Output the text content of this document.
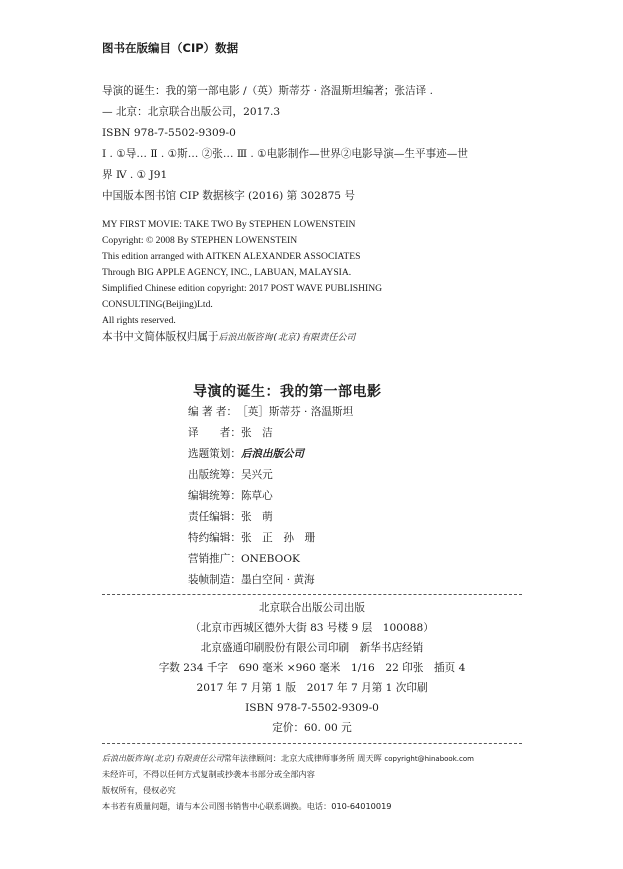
图书在版编目（CIP）数据
导演的诞生：我的第一部电影 /（英）斯蒂芬 · 洛温斯坦编著；张洁译 .
— 北京：北京联合出版公司，2017.3
ISBN 978-7-5502-9309-0
Ⅰ . ①导… Ⅱ . ①斯… ②张… Ⅲ . ①电影制作—世界②电影导演—生平事迹—世
界 Ⅳ . ① J91
中国版本图书馆 CIP 数据核字 (2016) 第 302875 号
MY FIRST MOVIE: TAKE TWO By STEPHEN LOWENSTEIN
Copyright: © 2008 By STEPHEN LOWENSTEIN
This edition arranged with AITKEN ALEXANDER ASSOCIATES
Through BIG APPLE AGENCY, INC., LABUAN, MALAYSIA.
Simplified Chinese edition copyright: 2017 POST WAVE PUBLISHING
CONSULTING(Beijing)Ltd.
All rights reserved.
本书中文简体版权归属于后浪出版咨询(北京)有限责任公司
导演的诞生：我的第一部电影
编 著 者：［英］斯蒂芬 · 洛温斯坦
译　　者：张　洁
选题策划：后浪出版公司
出版统筹：吴兴元
编辑统筹：陈草心
责任编辑：张　萌
特约编辑：张　正　孙　珊
营销推广：ONEBOOK
装帧制造：墨白空间 · 黄海
北京联合出版公司出版
（北京市西城区德外大街 83 号楼 9 层　100088）
北京盛通印刷股份有限公司印刷　新华书店经销
字数 234 千字　690 毫米 ×960 毫米　1/16　22 印张　插页 4
2017 年 7 月第 1 版　2017 年 7 月第 1 次印刷
ISBN 978-7-5502-9309-0
定价：60. 00 元
后浪出版咨询(北京)有限责任公司常年法律顾问：北京大成律师事务所 周天晖 copyright@hinabook.com
未经许可，不得以任何方式复制或抄袭本书部分或全部内容
版权所有，侵权必究
本书若有质量问题，请与本公司图书销售中心联系调换。电话：010-64010019
